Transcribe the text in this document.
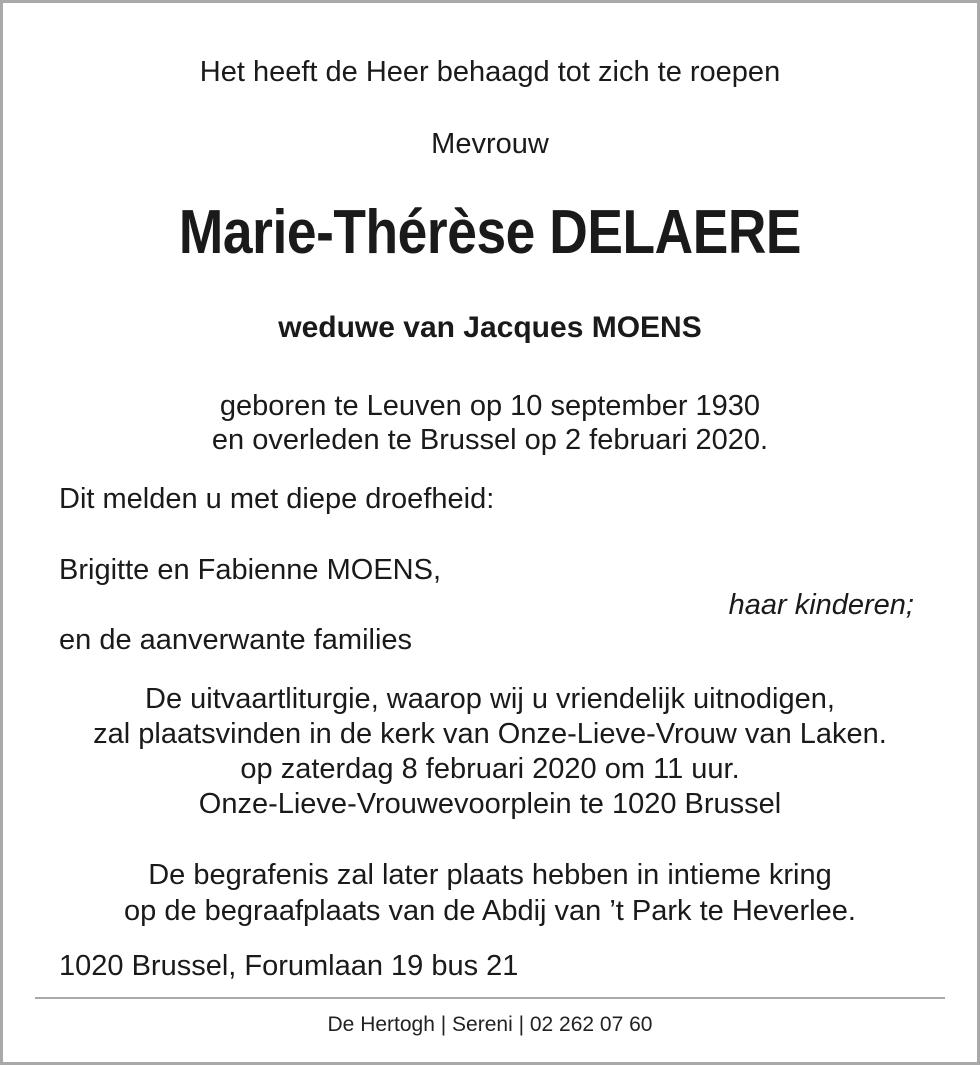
Het heeft de Heer behaagd tot zich te roepen
Mevrouw
Marie-Thérèse DELAERE
weduwe van Jacques MOENS
geboren te Leuven op 10 september 1930
en overleden te Brussel op 2 februari 2020.
Dit melden u met diepe droefheid:
Brigitte en Fabienne MOENS,
haar kinderen;
en de aanverwante families
De uitvaartliturgie, waarop wij u vriendelijk uitnodigen,
zal plaatsvinden in de kerk van Onze-Lieve-Vrouw van Laken.
op zaterdag 8 februari 2020 om 11 uur.
Onze-Lieve-Vrouwevoorplein te 1020 Brussel
De begrafenis zal later plaats hebben in intieme kring
op de begraafplaats van de Abdij van ’t Park te Heverlee.
1020 Brussel, Forumlaan 19 bus 21
De Hertogh | Sereni | 02 262 07 60
